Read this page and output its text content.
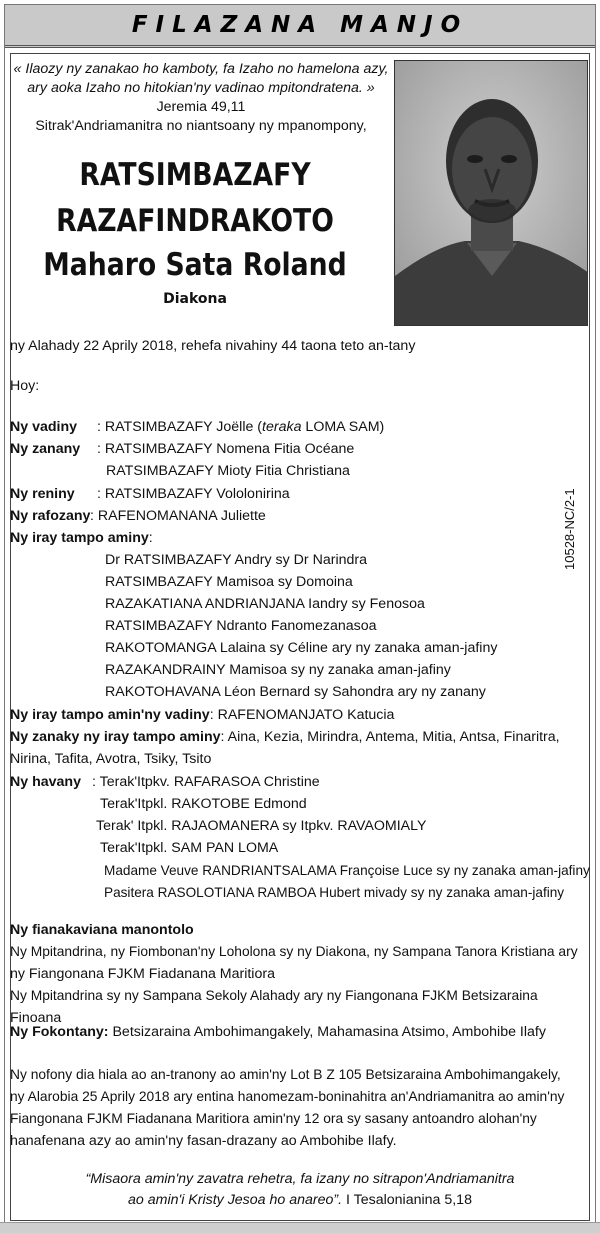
FILAZANA MANJO
« Ilaozy ny zanakao ho kamboty, fa Izaho no hamelona azy,
ary aoka Izaho no hitokian'ny vadinao mpitondratena. »
Jeremia 49,11
Sitrak'Andriamanitra no niantsoany ny mpanompony,
RATSIMBAZAFY
RAZAFINDRAKOTO
Maharo Sata Roland
Diakona
ny Alahady 22 Aprily 2018, rehefa nivahiny 44 taona teto an-tany
Hoy:
Ny vadiny : RATSIMBAZAFY Joëlle (teraka LOMA SAM)
Ny zanany : RATSIMBAZAFY Nomena Fitia Océane
RATSIMBAZAFY Mioty Fitia Christiana
Ny reniny : RATSIMBAZAFY Vololonirina
Ny rafozany : RAFENOMANANA Juliette
Ny iray tampo aminy:
Dr RATSIMBAZAFY Andry sy Dr Narindra
RATSIMBAZAFY Mamisoa sy Domoina
RAZAKATIANA ANDRIANJANA Iandry sy Fenosoa
RATSIMBAZAFY Ndranto Fanomezanasoa
RAKOTOMANGA Lalaina sy Céline ary ny zanaka aman-jafiny
RAZAKANDRAINY Mamisoa sy ny zanaka aman-jafiny
RAKOTOHAVANA Léon Bernard sy Sahondra ary ny zanany
Ny iray tampo amin'ny vadiny: RAFENOMANJATO Katucia
Ny zanaky ny iray tampo aminy: Aina, Kezia, Mirindra, Antema, Mitia, Antsa, Finaritra,
Nirina, Tafita, Avotra, Tsiky, Tsito
Ny havany : Terak'Itpkv. RAFARASOA Christine
Terak'Itpkl. RAKOTOBE Edmond
Terak' Itpkl. RAJAOMANERA sy Itpkv. RAVAOMIALY
Terak'Itpkl. SAM PAN LOMA
Madame Veuve RANDRIANTSALAMA Françoise Luce sy ny zanaka aman-jafiny
Pasitera RASOLOTIANA RAMBOA Hubert mivady sy ny zanaka aman-jafiny
Ny fianakaviana manontolo
Ny Mpitandrina, ny Fiombonan'ny Loholona sy ny Diakona, ny Sampana Tanora Kristiana ary
ny Fiangonana FJKM Fiadanana Maritiora
Ny Mpitandrina sy ny Sampana Sekoly Alahady ary ny Fiangonana FJKM Betsizaraina
Finoana
Ny Fokontany: Betsizaraina Ambohimangakely, Mahamasina Atsimo, Ambohibe Ilafy
Ny nofony dia hiala ao an-tranony ao amin'ny Lot B Z 105 Betsizaraina Ambohimangakely,
ny Alarobia 25 Aprily 2018 ary entina hanomezam-boninahitra an'Andriamanitra ao amin'ny
Fiangonana FJKM Fiadanana Maritiora amin'ny 12 ora sy sasany antoandro alohan'ny
hanafenana azy ao amin'ny fasan-drazany ao Ambohibe Ilafy.
“Misaora amin'ny zavatra rehetra, fa izany no sitrapon'Andriamanitra
ao amin'i Kristy Jesoa ho anareo”. I Tesalonianina 5,18
10528-NC/2-1
